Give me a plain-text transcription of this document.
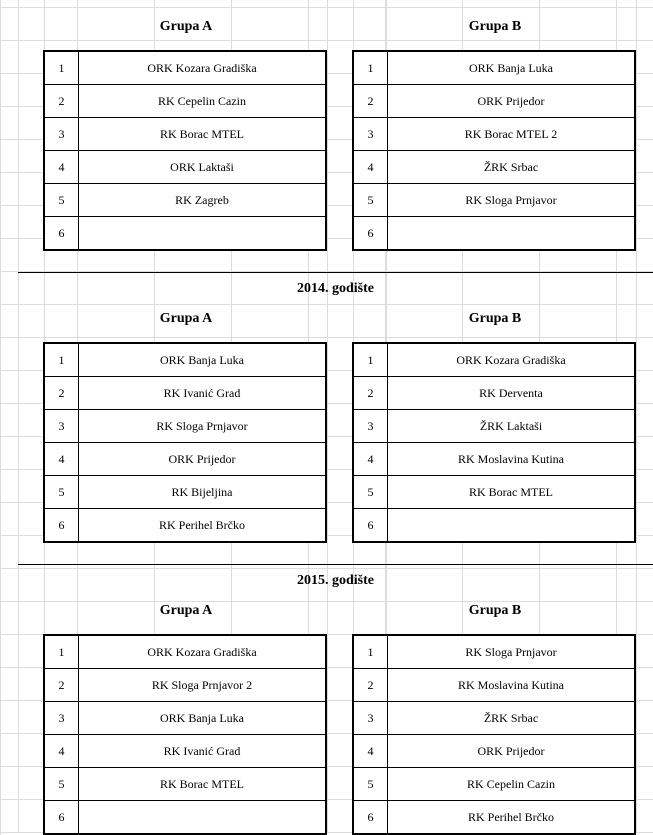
Grupa A	Grupa B
1	ORK Kozara Gradiška
2	RK Cepelin Cazin
3	RK Borac MTEL
4	ORK Laktaši
5	RK Zagreb
6	
1	ORK Banja Luka
2	ORK Prijedor
3	RK Borac MTEL 2
4	ŽRK Srbac
5	RK Sloga Prnjavor
6	
2014. godište
Grupa A	Grupa B
1	ORK Banja Luka
2	RK Ivanić Grad
3	RK Sloga Prnjavor
4	ORK Prijedor
5	RK Bijeljina
6	RK Perihel Brčko
1	ORK Kozara Gradiška
2	RK Derventa
3	ŽRK Laktaši
4	RK Moslavina Kutina
5	RK Borac MTEL
6	
2015. godište
Grupa A	Grupa B
1	ORK Kozara Gradiška
2	RK Sloga Prnjavor 2
3	ORK Banja Luka
4	RK Ivanić Grad
5	RK Borac MTEL
6	
1	RK Sloga Prnjavor
2	RK Moslavina Kutina
3	ŽRK Srbac
4	ORK Prijedor
5	RK Cepelin Cazin
6	RK Perihel Brčko
